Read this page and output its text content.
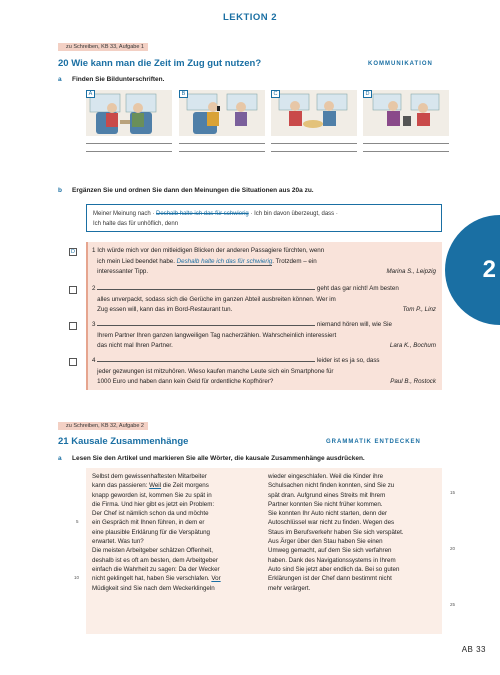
LEKTION 2
2
zu Schreiben, KB 33, Aufgabe 1
20 Wie kann man die Zeit im Zug gut nutzen?	KOMMUNIKATION
a Finden Sie Bildunterschriften.
A	B	C	D
b Ergänzen Sie und ordnen Sie dann den Meinungen die Situationen aus 20a zu.
Meiner Meinung nach · Deshalb halte ich das für schwierig · Ich bin davon überzeugt, dass ·
Ich halte das für unhöflich, denn
D	1 Ich würde mich vor den mitleidigen Blicken der anderen Passagiere fürchten, wenn
ich mein Lied beendet habe. Deshalb halte ich das für schwierig. Trotzdem – ein
interessanter Tipp.	Marina S., Leipzig
2	geht das gar nicht! Am besten
alles unverpackt, sodass sich die Gerüche im ganzen Abteil ausbreiten können. Wer im
Zug essen will, kann das im Bord-Restaurant tun.	Tom P., Linz
3	niemand hören will, wie Sie
Ihrem Partner Ihren ganzen langweiligen Tag nacherzählen. Wahrscheinlich interessiert
das nicht mal Ihren Partner.	Lara K., Bochum
4	leider ist es ja so, dass
jeder gezwungen ist mitzuhören. Wieso kaufen manche Leute sich ein Smartphone für
1000 Euro und haben dann kein Geld für ordentliche Kopfhörer?	Paul B., Rostock
zu Schreiben, KB 32, Aufgabe 2
21 Kausale Zusammenhänge	GRAMMATIK ENTDECKEN
a Lesen Sie den Artikel und markieren Sie alle Wörter, die kausale Zusammenhänge ausdrücken.
Selbst dem gewissenhaftesten Mitarbeiter
kann das passieren: Weil die Zeit morgens
knapp geworden ist, kommen Sie zu spät in
die Firma. Und hier gibt es jetzt ein Problem:
Der Chef ist nämlich schon da und möchte
ein Gespräch mit Ihnen führen, in dem er
eine plausible Erklärung für die Verspätung
erwartet. Was tun?
Die meisten Arbeitgeber schätzen Offenheit,
deshalb ist es oft am besten, dem Arbeitgeber
einfach die Wahrheit zu sagen: Da der Wecker
nicht geklingelt hat, haben Sie verschlafen. Vor
Müdigkeit sind Sie nach dem Weckerklingeln
wieder eingeschlafen. Weil die Kinder ihre
Schulsachen nicht finden konnten, sind Sie zu
spät dran. Aufgrund eines Streits mit Ihrem
Partner konnten Sie nicht früher kommen.
Sie konnten Ihr Auto nicht starten, denn der
Autoschlüssel war nicht zu finden. Wegen des
Staus im Berufsverkehr haben Sie sich verspätet.
Aus Ärger über den Stau haben Sie einen
Umweg gemacht, auf dem Sie sich verfahren
haben. Dank des Navigationssystems in Ihrem
Auto sind Sie jetzt aber endlich da. Bei so guten
Erklärungen ist der Chef dann bestimmt nicht
mehr verärgert.
5
10
15
20
25
AB 33
